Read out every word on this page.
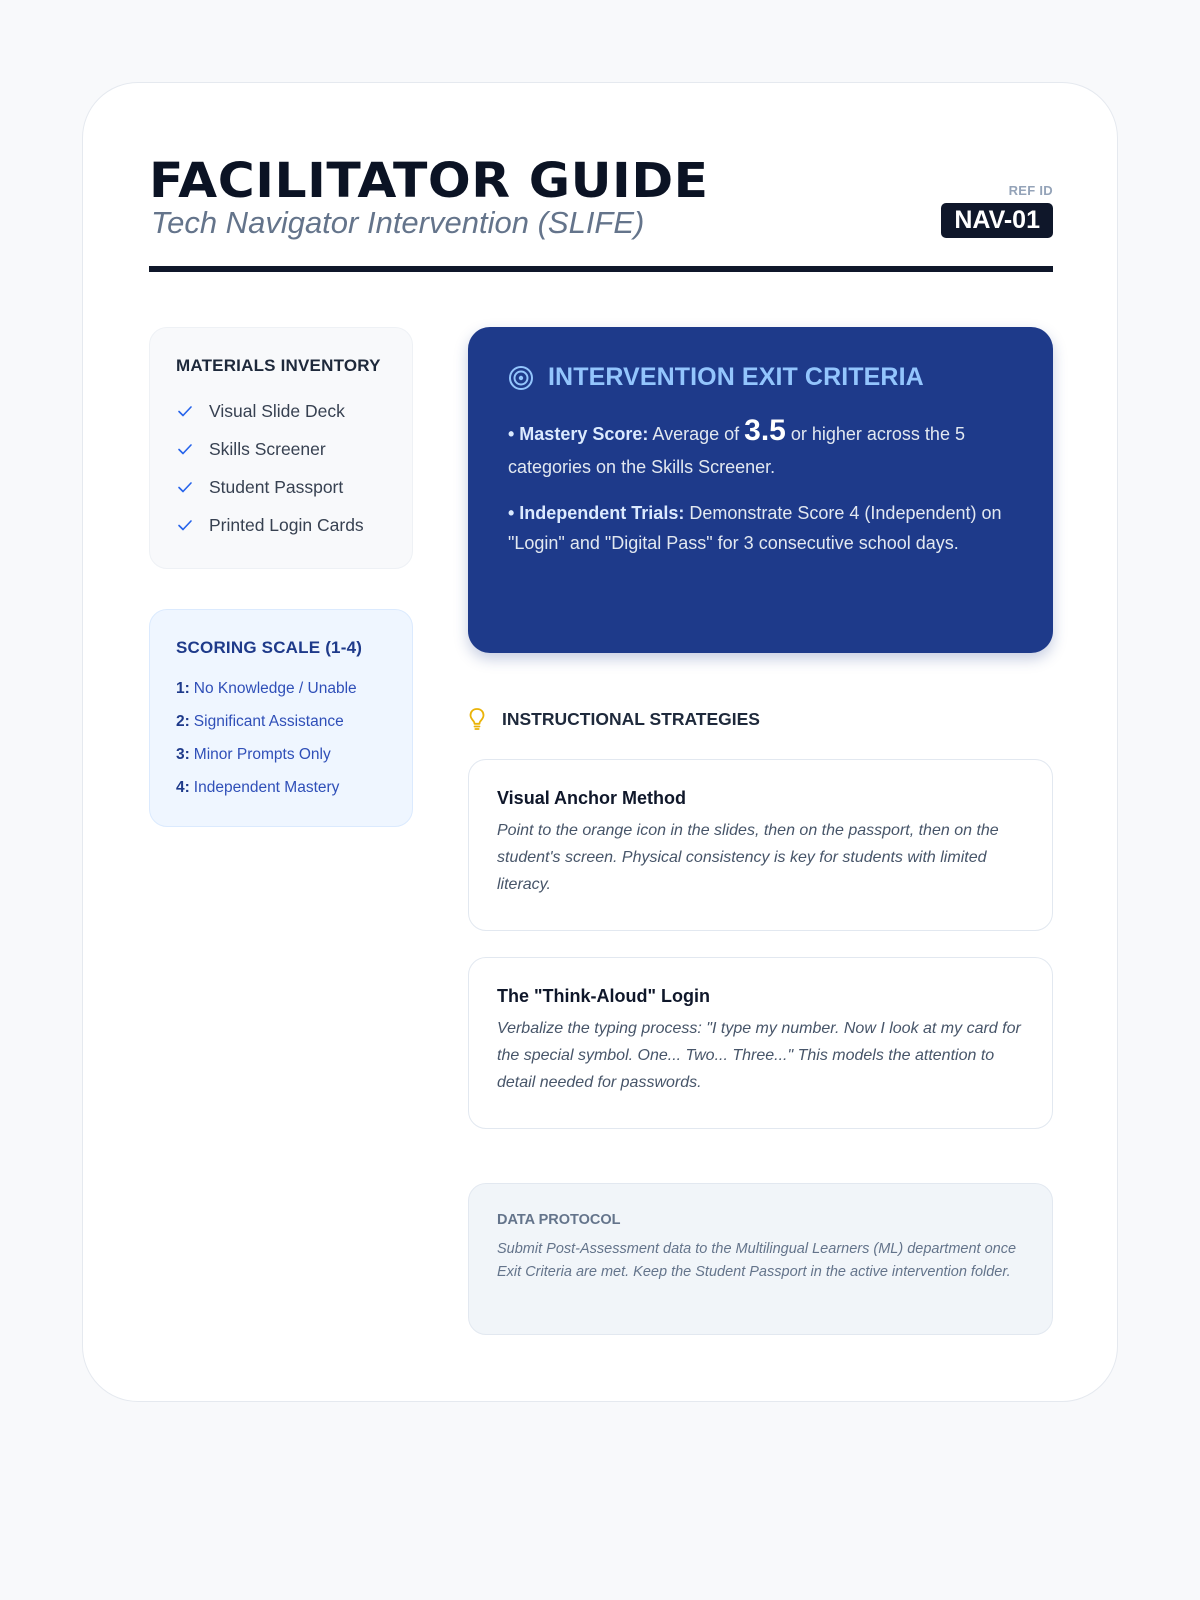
FACILITATOR GUIDE
Tech Navigator Intervention (SLIFE)
REF ID
NAV-01
MATERIALS INVENTORY
Visual Slide Deck
Skills Screener
Student Passport
Printed Login Cards
SCORING SCALE (1-4)
1: No Knowledge / Unable
2: Significant Assistance
3: Minor Prompts Only
4: Independent Mastery
INTERVENTION EXIT CRITERIA

• Mastery Score: Average of 3.5 or higher across the 5 categories on the Skills Screener.

• Independent Trials: Demonstrate Score 4 (Independent) on "Login" and "Digital Pass" for 3 consecutive school days.

INSTRUCTIONAL STRATEGIES
Visual Anchor Method

Point to the orange icon in the slides, then on the passport, then on the student's screen. Physical consistency is key for students with limited literacy.

The "Think-Aloud" Login

Verbalize the typing process: "I type my number. Now I look at my card for the special symbol. One... Two... Three..." This models the attention to detail needed for passwords.

DATA PROTOCOL

Submit Post-Assessment data to the Multilingual Learners (ML) department once Exit Criteria are met. Keep the Student Passport in the active intervention folder.
